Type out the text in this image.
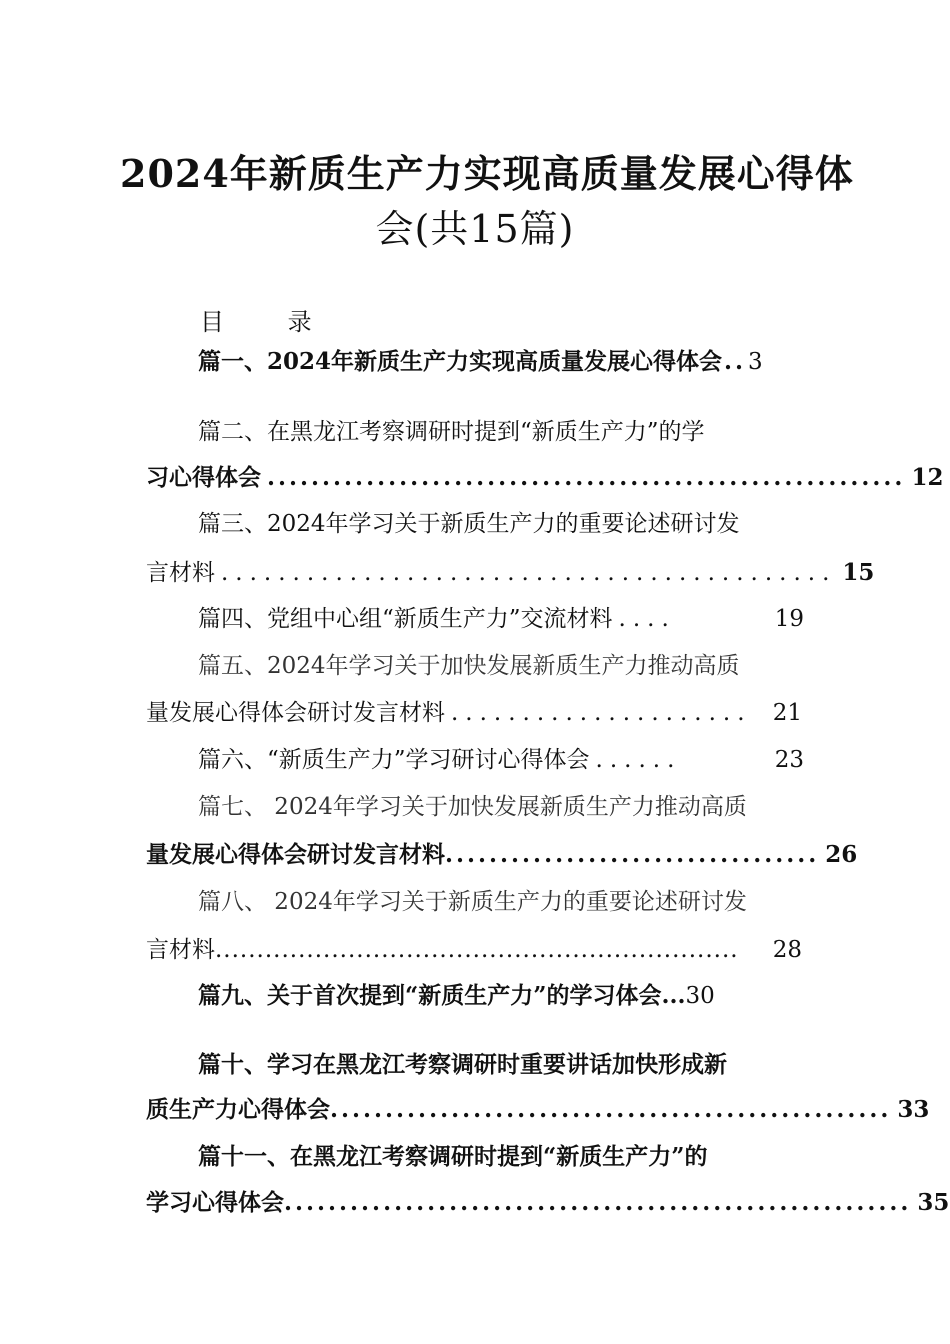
2024年新质生产力实现高质量发展心得体
会(共15篇)
目 录
篇一、2024年新质生产力实现高质量发展心得体会 .. 3
篇二、在黑龙江考察调研时提到“新质生产力”的学
习心得体会 .......................................................... 12
篇三、2024年学习关于新质生产力的重要论述研讨发
言材料 ........................................... 15
篇四、党组中心组“新质生产力”交流材料 ....	19
篇五、2024年学习关于加快发展新质生产力推动高质
量发展心得体会研讨发言材料 ..................... 21
篇六、“新质生产力”学习研讨心得体会 ......	23
篇七、 2024年学习关于加快发展新质生产力推动高质
量发展心得体会研讨发言材料 .................................. 26
篇八、 2024年学习关于新质生产力的重要论述研讨发
言材料 ...............................................................	28
篇九、关于首次提到“新质生产力”的学习体会...30
篇十、学习在黑龙江考察调研时重要讲话加快形成新
质生产力心得体会 ................................................... 33
篇十一、在黑龙江考察调研时提到“新质生产力”的
学习心得体会 ......................................................... 35
